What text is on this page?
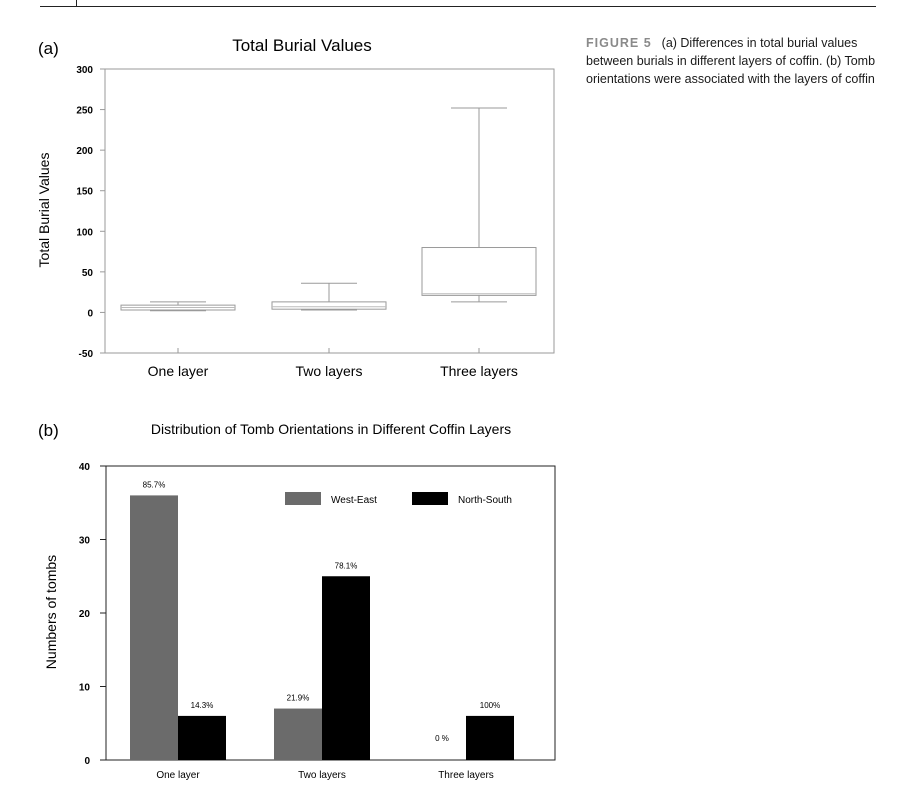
FIGURE 5 (a) Differences in total burial values between burials in different layers of coffin. (b) Tomb orientations were associated with the layers of coffin
(a)	Total Burial Values
Total Burial Values
-50
0
50
100
150
200
250
300
One layer	Two layers	Three layers
(b)	Distribution of Tomb Orientations in Different Coffin Layers
Numbers of tombs
0
10
20
30
40
85.7%
21.9%
0 %
14.3%
78.1%
100%
One layer	Two layers	Three layers
West-East	North-South
